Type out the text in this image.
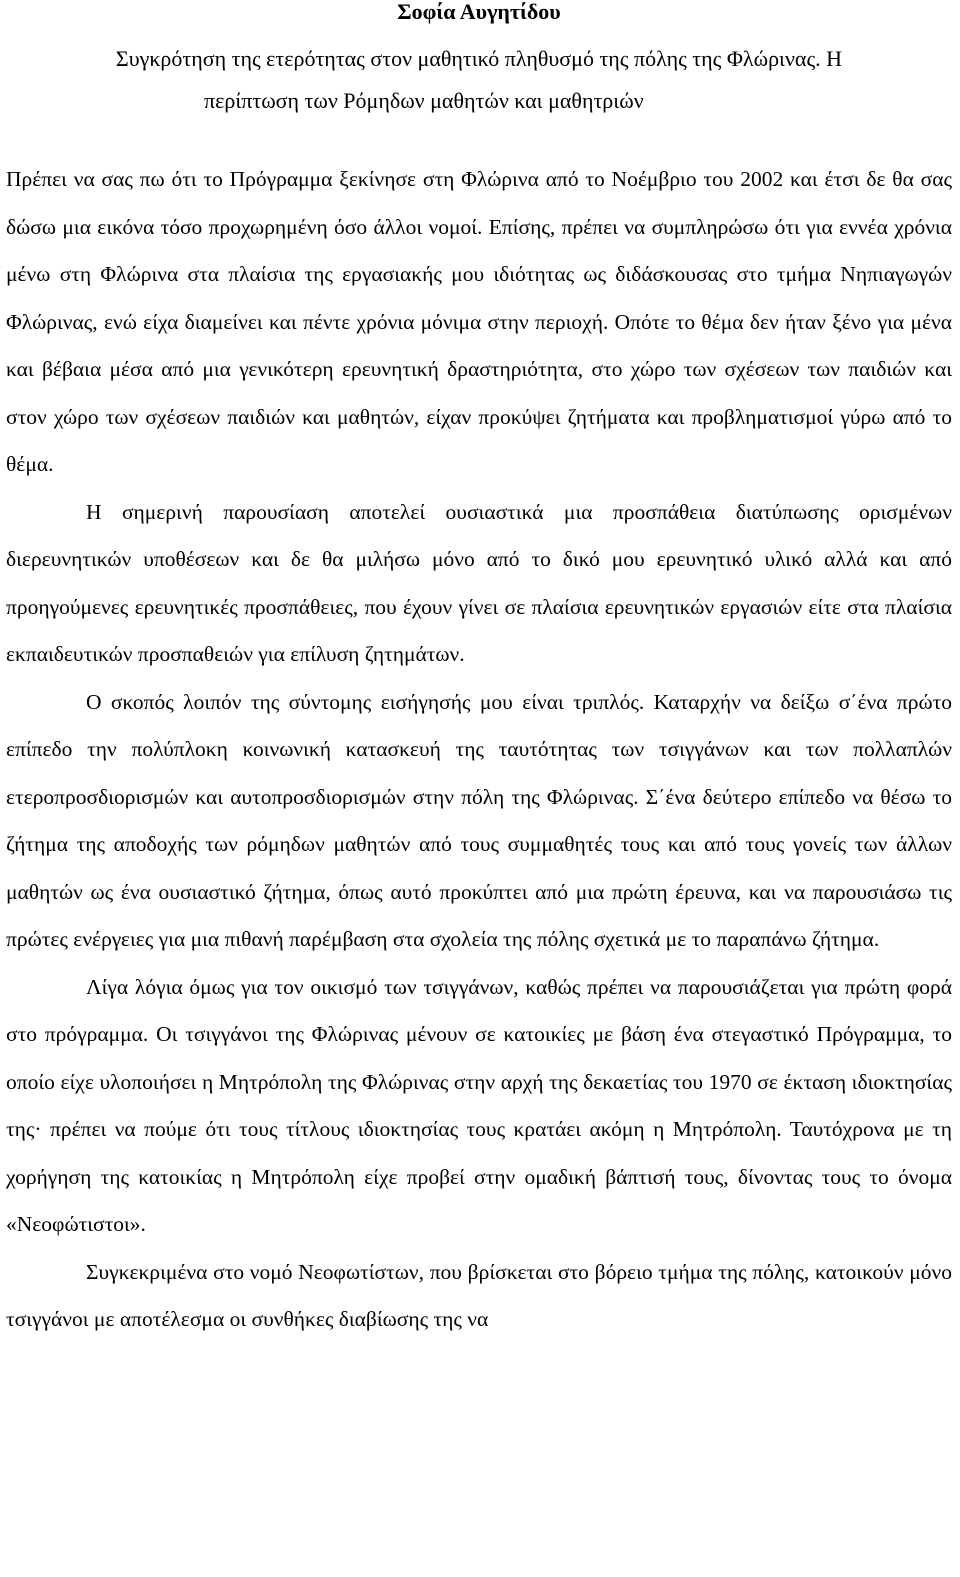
Σοφία Αυγητίδου
Συγκρότηση της ετερότητας στον μαθητικό πληθυσμό της πόλης της Φλώρινας. Η
περίπτωση των Ρόμηδων μαθητών και μαθητριών

Πρέπει να σας πω ότι το Πρόγραμμα ξεκίνησε στη Φλώρινα από το Νοέμβριο του 2002 και έτσι δε θα σας δώσω μια εικόνα τόσο προχωρημένη όσο άλλοι νομοί. Επίσης, πρέπει να συμπληρώσω ότι για εννέα χρόνια μένω στη Φλώρινα στα πλαίσια της εργασιακής μου ιδιότητας ως διδάσκουσας στο τμήμα Νηπιαγωγών Φλώρινας, ενώ είχα διαμείνει και πέντε χρόνια μόνιμα στην περιοχή. Οπότε το θέμα δεν ήταν ξένο για μένα και βέβαια μέσα από μια γενικότερη ερευνητική δραστηριότητα, στο χώρο των σχέσεων των παιδιών και στον χώρο των σχέσεων παιδιών και μαθητών, είχαν προκύψει ζητήματα και προβληματισμοί γύρω από το θέμα.

Η σημερινή παρουσίαση αποτελεί ουσιαστικά μια προσπάθεια διατύπωσης ορισμένων διερευνητικών υποθέσεων και δε θα μιλήσω μόνο από το δικό μου ερευνητικό υλικό αλλά και από προηγούμενες ερευνητικές προσπάθειες, που έχουν γίνει σε πλαίσια ερευνητικών εργασιών είτε στα πλαίσια εκπαιδευτικών προσπαθειών για επίλυση ζητημάτων.

Ο σκοπός λοιπόν της σύντομης εισήγησής μου είναι τριπλός. Καταρχήν να δείξω σ΄ένα πρώτο επίπεδο την πολύπλοκη κοινωνική κατασκευή της ταυτότητας των τσιγγάνων και των πολλαπλών ετεροπροσδιορισμών και αυτοπροσδιορισμών στην πόλη της Φλώρινας. Σ΄ένα δεύτερο επίπεδο να θέσω το ζήτημα της αποδοχής των ρόμηδων μαθητών από τους συμμαθητές τους και από τους γονείς των άλλων μαθητών ως ένα ουσιαστικό ζήτημα, όπως αυτό προκύπτει από μια πρώτη έρευνα, και να παρουσιάσω τις πρώτες ενέργειες για μια πιθανή παρέμβαση στα σχολεία της πόλης σχετικά με το παραπάνω ζήτημα.

Λίγα λόγια όμως για τον οικισμό των τσιγγάνων, καθώς πρέπει να παρουσιάζεται για πρώτη φορά στο πρόγραμμα. Οι τσιγγάνοι της Φλώρινας μένουν σε κατοικίες με βάση ένα στεγαστικό Πρόγραμμα, το οποίο είχε υλοποιήσει η Μητρόπολη της Φλώρινας στην αρχή της δεκαετίας του 1970 σε έκταση ιδιοκτησίας της· πρέπει να πούμε ότι τους τίτλους ιδιοκτησίας τους κρατάει ακόμη η Μητρόπολη. Ταυτόχρονα με τη χορήγηση της κατοικίας η Μητρόπολη είχε προβεί στην ομαδική βάπτισή τους, δίνοντας τους το όνομα «Νεοφώτιστοι».

Συγκεκριμένα στο νομό Νεοφωτίστων, που βρίσκεται στο βόρειο τμήμα της πόλης, κατοικούν μόνο τσιγγάνοι με αποτέλεσμα οι συνθήκες διαβίωσης της να
